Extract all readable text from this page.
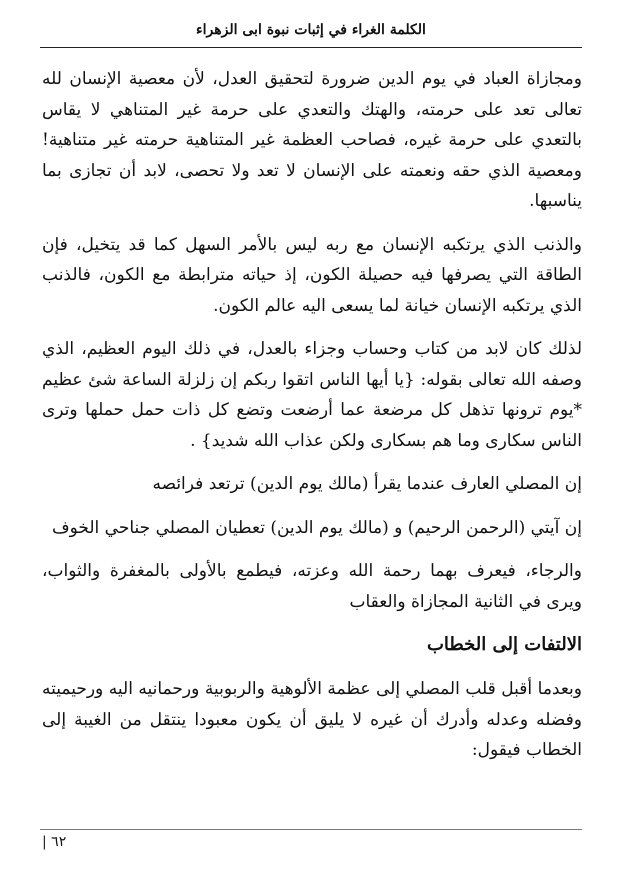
الكلمة الغراء في إثبات نبوة ابى الزهراء

ومجازاة العباد في يوم الدين ضرورة لتحقيق العدل، لأن معصية الإنسان لله تعالى تعد على حرمته، والهتك والتعدي على حرمة غير المتناهي لا يقاس بالتعدي على حرمة غيره، فصاحب العظمة غير المتناهية حرمته غير متناهية! ومعصية الذي حقه ونعمته على الإنسان لا تعد ولا تحصى، لابد أن تجازى بما يناسبها.

والذنب الذي يرتكبه الإنسان مع ربه ليس بالأمر السهل كما قد يتخيل، فإن الطاقة التي يصرفها فيه حصيلة الكون، إذ حياته مترابطة مع الكون، فالذنب الذي يرتكبه الإنسان خيانة لما يسعى اليه عالم الكون.

لذلك كان لابد من كتاب وحساب وجزاء بالعدل، في ذلك اليوم العظيم، الذي وصفه الله تعالى بقوله: {يا أيها الناس اتقوا ربكم إن زلزلة الساعة شئ عظيم *يوم ترونها تذهل كل مرضعة عما أرضعت وتضع كل ذات حمل حملها وترى الناس سكارى وما هم بسكارى ولكن عذاب الله شديد} .

إن المصلي العارف عندما يقرأ (مالك يوم الدين) ترتعد فرائصه

إن آيتي (الرحمن الرحيم) و (مالك يوم الدين) تعطيان المصلي جناحي الخوف

والرجاء، فيعرف بهما رحمة الله وعزته، فيطمع بالأولى بالمغفرة والثواب، ويرى في الثانية المجازاة والعقاب

الالتفات إلى الخطاب

وبعدما أقبل قلب المصلي إلى عظمة الألوهية والربوبية ورحمانيه اليه ورحيميته وفضله وعدله وأدرك أن غيره لا يليق أن يكون معبودا ينتقل من الغيبة إلى الخطاب فيقول:

٦٢ |
